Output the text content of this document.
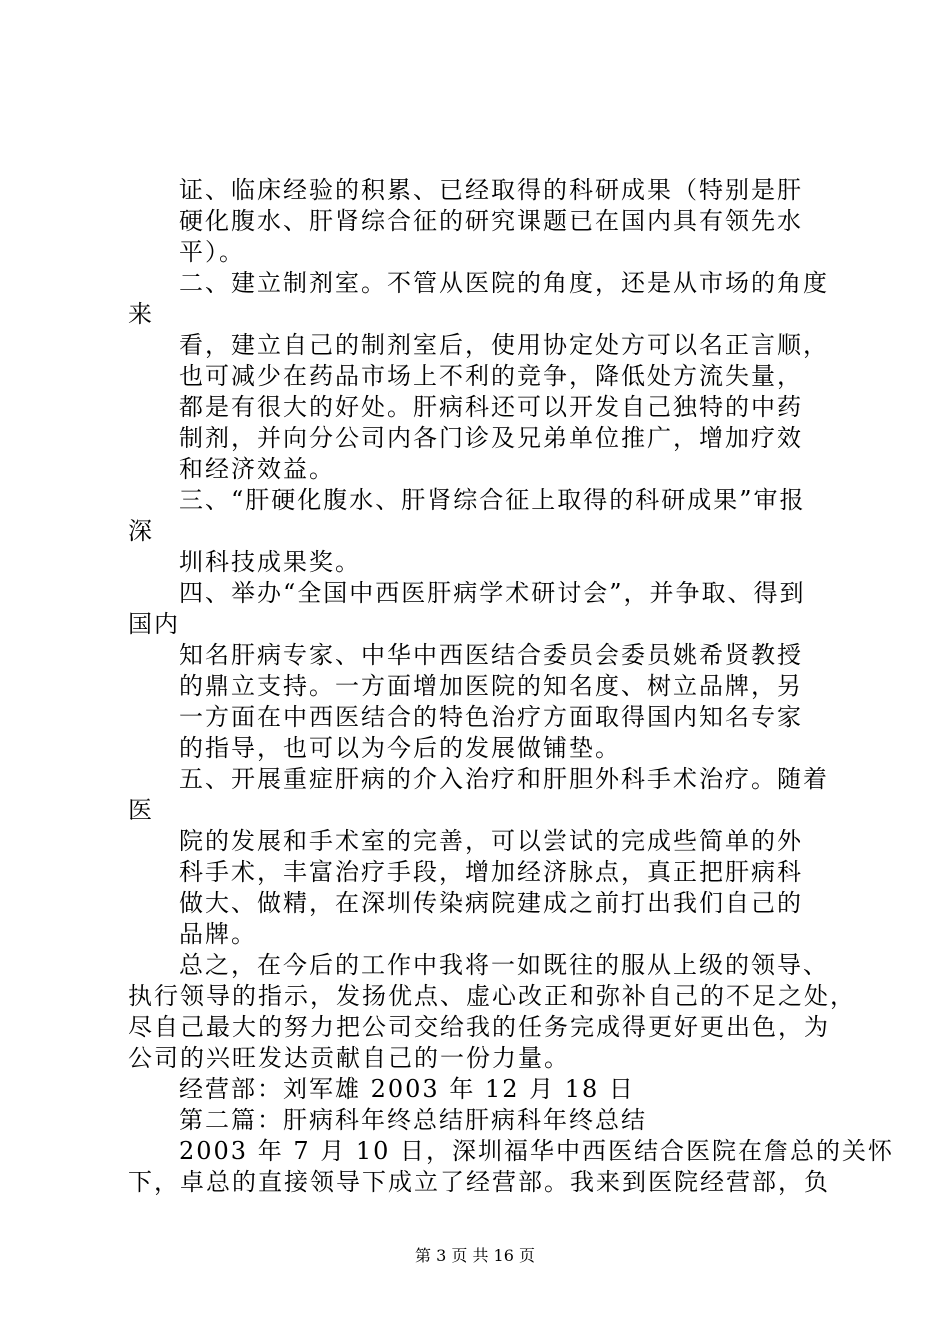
证、临床经验的积累、已经取得的科研成果（特别是肝
硬化腹水、肝肾综合征的研究课题已在国内具有领先水
平）。
二、建立制剂室。不管从医院的角度，还是从市场的角度
来
看，建立自己的制剂室后，使用协定处方可以名正言顺，
也可减少在药品市场上不利的竞争，降低处方流失量，
都是有很大的好处。肝病科还可以开发自己独特的中药
制剂，并向分公司内各门诊及兄弟单位推广，增加疗效
和经济效益。
三、“肝硬化腹水、肝肾综合征上取得的科研成果”审报
深
圳科技成果奖。
四、举办“全国中西医肝病学术研讨会”，并争取、得到
国内
知名肝病专家、中华中西医结合委员会委员姚希贤教授
的鼎立支持。一方面增加医院的知名度、树立品牌，另
一方面在中西医结合的特色治疗方面取得国内知名专家
的指导，也可以为今后的发展做铺垫。
五、开展重症肝病的介入治疗和肝胆外科手术治疗。随着
医
院的发展和手术室的完善，可以尝试的完成些简单的外
科手术，丰富治疗手段，增加经济脉点，真正把肝病科
做大、做精，在深圳传染病院建成之前打出我们自己的
品牌。
总之，在今后的工作中我将一如既往的服从上级的领导、
执行领导的指示，发扬优点、虚心改正和弥补自己的不足之处，
尽自己最大的努力把公司交给我的任务完成得更好更出色，为
公司的兴旺发达贡献自己的一份力量。
经营部：刘军雄 2003 年 12 月 18 日
第二篇：肝病科年终总结肝病科年终总结
2003 年 7 月 10 日，深圳福华中西医结合医院在詹总的关怀
下，卓总的直接领导下成立了经营部。我来到医院经营部，负
第 3 页 共 16 页
